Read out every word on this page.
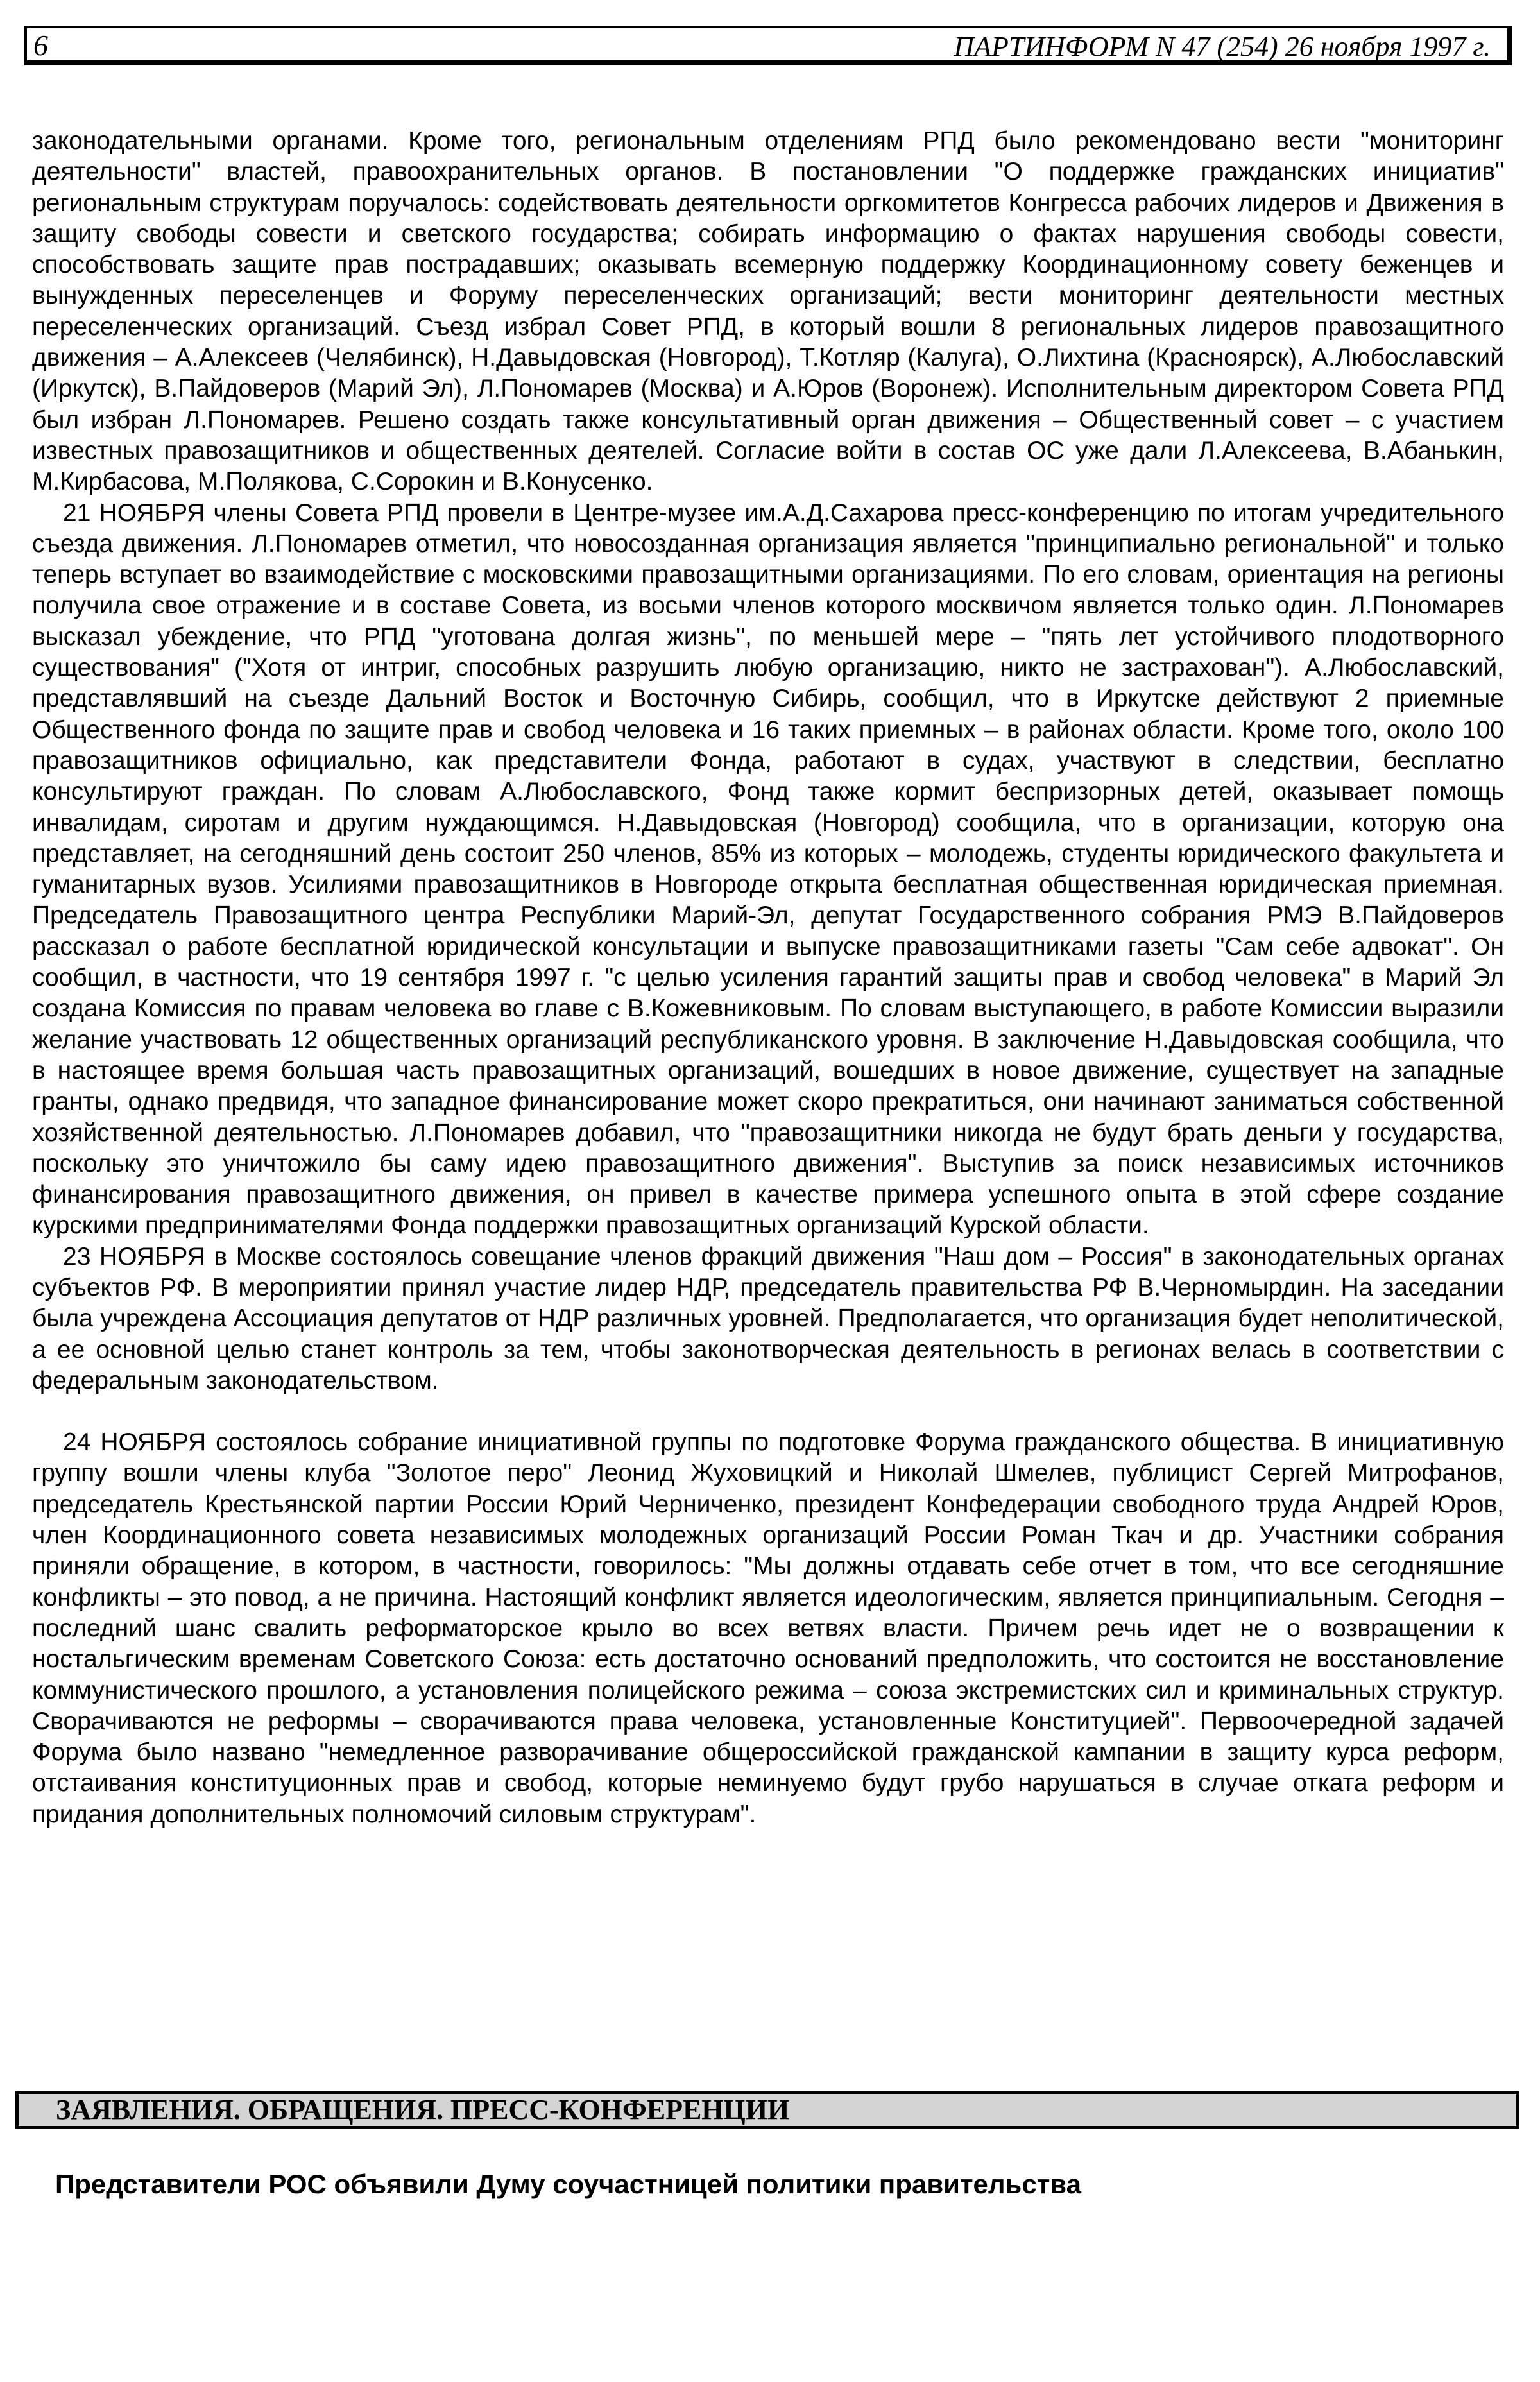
6	ПАРТИНФОРМ N 47 (254) 26 ноября 1997 г.

законодательными органами. Кроме того, региональным отделениям РПД было рекомендовано вести "мониторинг деятельности" властей, правоохранительных органов. В постановлении "О поддержке гражданских инициатив" региональным структурам поручалось: содействовать деятельности оргкомитетов Конгресса рабочих лидеров и Движения в защиту свободы совести и светского государства; собирать информацию о фактах нарушения свободы совести, способствовать защите прав пострадавших; оказывать всемерную поддержку Координационному совету беженцев и вынужденных переселенцев и Форуму переселенческих организаций; вести мониторинг деятельности местных переселенческих организаций. Съезд избрал Совет РПД, в который вошли 8 региональных лидеров правозащитного движения – А.Алексеев (Челябинск), Н.Давыдовская (Новгород), Т.Котляр (Калуга), О.Лихтина (Красноярск), А.Любославский (Иркутск), В.Пайдоверов (Марий Эл), Л.Пономарев (Москва) и А.Юров (Воронеж). Исполнительным директором Совета РПД был избран Л.Пономарев. Решено создать также консультативный орган движения – Общественный совет – с участием известных правозащитников и общественных деятелей. Согласие войти в состав ОС уже дали Л.Алексеева, В.Абанькин, М.Кирбасова, М.Полякова, С.Сорокин и В.Конусенко.

21 НОЯБРЯ члены Совета РПД провели в Центре-музее им.А.Д.Сахарова пресс-конференцию по итогам учредительного съезда движения. Л.Пономарев отметил, что новосозданная организация является "принципиально региональной" и только теперь вступает во взаимодействие с московскими правозащитными организациями. По его словам, ориентация на регионы получила свое отражение и в составе Совета, из восьми членов которого москвичом является только один. Л.Пономарев высказал убеждение, что РПД "уготована долгая жизнь", по меньшей мере – "пять лет устойчивого плодотворного существования" ("Хотя от интриг, способных разрушить любую организацию, никто не застрахован"). А.Любославский, представлявший на съезде Дальний Восток и Восточную Сибирь, сообщил, что в Иркутске действуют 2 приемные Общественного фонда по защите прав и свобод человека и 16 таких приемных – в районах области. Кроме того, около 100 правозащитников официально, как представители Фонда, работают в судах, участвуют в следствии, бесплатно консультируют граждан. По словам А.Любославского, Фонд также кормит беспризорных детей, оказывает помощь инвалидам, сиротам и другим нуждающимся. Н.Давыдовская (Новгород) сообщила, что в организации, которую она представляет, на сегодняшний день состоит 250 членов, 85% из которых – молодежь, студенты юридического факультета и гуманитарных вузов. Усилиями правозащитников в Новгороде открыта бесплатная общественная юридическая приемная. Председатель Правозащитного центра Республики Марий-Эл, депутат Государственного собрания РМЭ В.Пайдоверов рассказал о работе бесплатной юридической консультации и выпуске правозащитниками газеты "Сам себе адвокат". Он сообщил, в частности, что 19 сентября 1997 г. "с целью усиления гарантий защиты прав и свобод человека" в Марий Эл создана Комиссия по правам человека во главе с В.Кожевниковым. По словам выступающего, в работе Комиссии выразили желание участвовать 12 общественных организаций республиканского уровня. В заключение Н.Давыдовская сообщила, что в настоящее время большая часть правозащитных организаций, вошедших в новое движение, существует на западные гранты, однако предвидя, что западное финансирование может скоро прекратиться, они начинают заниматься собственной хозяйственной деятельностью. Л.Пономарев добавил, что "правозащитники никогда не будут брать деньги у государства, поскольку это уничтожило бы саму идею правозащитного движения". Выступив за поиск независимых источников финансирования правозащитного движения, он привел в качестве примера успешного опыта в этой сфере создание курскими предпринимателями Фонда поддержки правозащитных организаций Курской области.

23 НОЯБРЯ в Москве состоялось совещание членов фракций движения "Наш дом – Россия" в законодательных органах субъектов РФ. В мероприятии принял участие лидер НДР, председатель правительства РФ В.Черномырдин. На заседании была учреждена Ассоциация депутатов от НДР различных уровней. Предполагается, что организация будет неполитической, а ее основной целью станет контроль за тем, чтобы законотворческая деятельность в регионах велась в соответствии с федеральным законодательством.

24 НОЯБРЯ состоялось собрание инициативной группы по подготовке Форума гражданского общества. В инициативную группу вошли члены клуба "Золотое перо" Леонид Жуховицкий и Николай Шмелев, публицист Сергей Митрофанов, председатель Крестьянской партии России Юрий Черниченко, президент Конфедерации свободного труда Андрей Юров, член Координационного совета независимых молодежных организаций России Роман Ткач и др. Участники собрания приняли обращение, в котором, в частности, говорилось: "Мы должны отдавать себе отчет в том, что все сегодняшние конфликты – это повод, а не причина. Настоящий конфликт является идеологическим, является принципиальным. Сегодня – последний шанс свалить реформаторское крыло во всех ветвях власти. Причем речь идет не о возвращении к ностальгическим временам Советского Союза: есть достаточно оснований предположить, что состоится не восстановление коммунистического прошлого, а установления полицейского режима – союза экстремистских сил и криминальных структур. Сворачиваются не реформы – сворачиваются права человека, установленные Конституцией". Первоочередной задачей Форума было названо "немедленное разворачивание общероссийской гражданской кампании в защиту курса реформ, отстаивания конституционных прав и свобод, которые неминуемо будут грубо нарушаться в случае отката реформ и придания дополнительных полномочий силовым структурам".

ЗАЯВЛЕНИЯ. ОБРАЩЕНИЯ. ПРЕСС-КОНФЕРЕНЦИИ
Представители РОС объявили Думу соучастницей политики правительства
